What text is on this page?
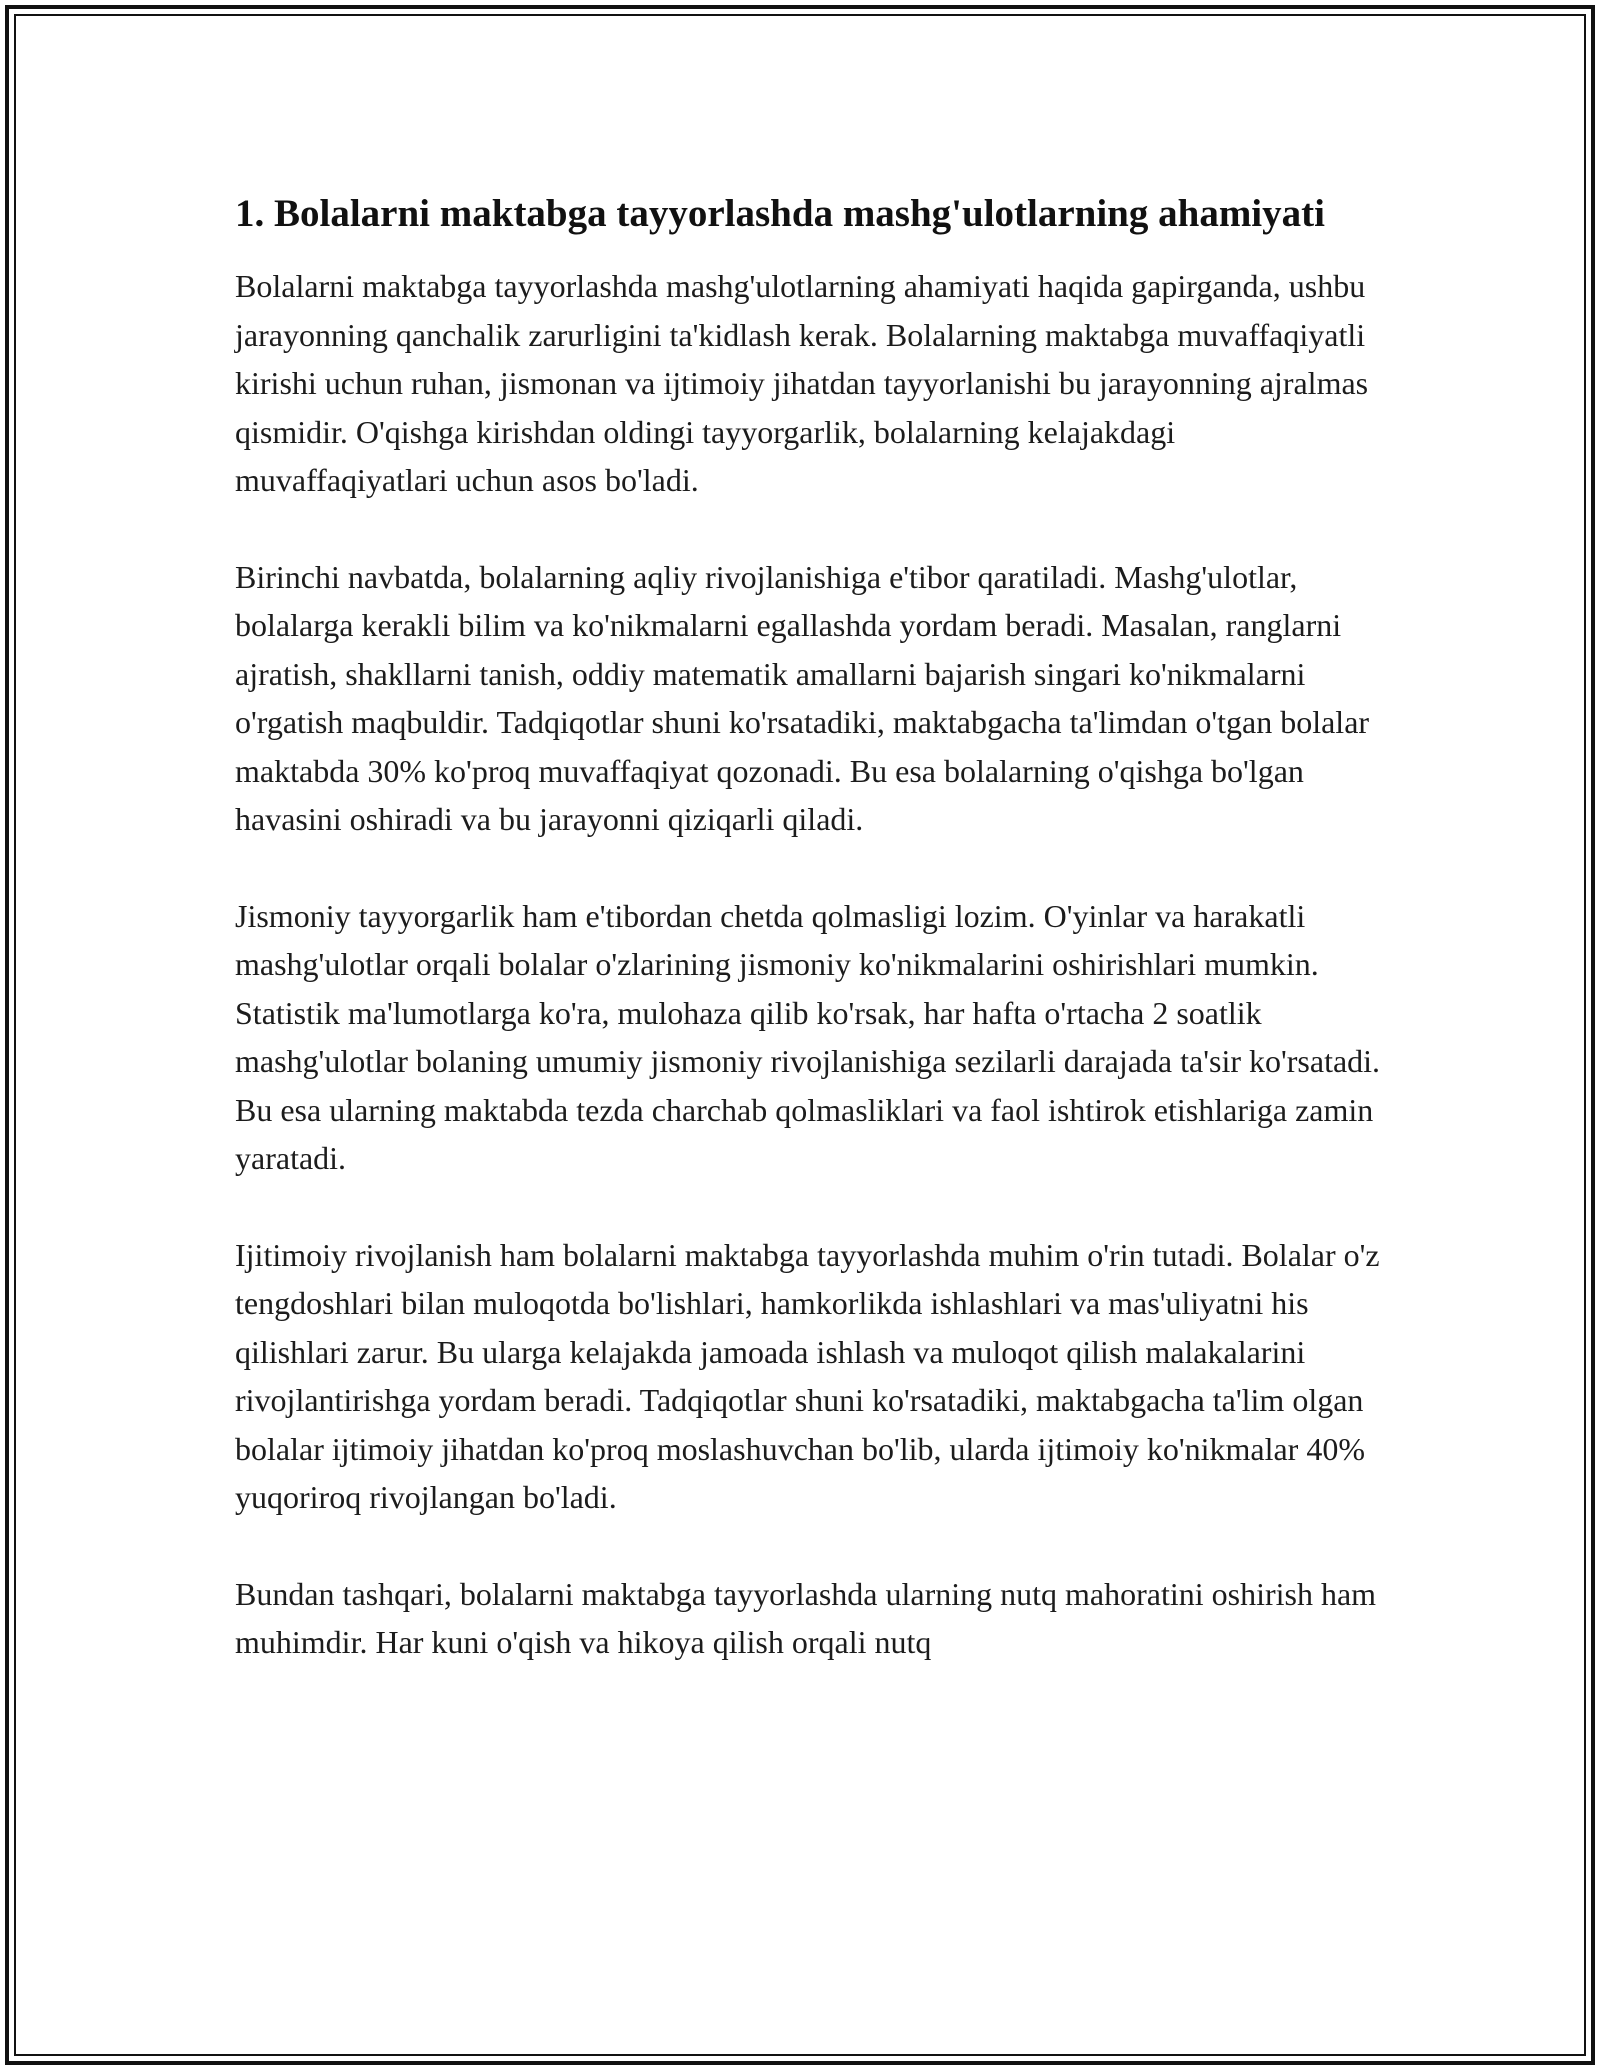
1. Bolalarni maktabga tayyorlashda mashg'ulotlarning ahamiyati

Bolalarni maktabga tayyorlashda mashg'ulotlarning ahamiyati haqida gapirganda, ushbu jarayonning qanchalik zarurligini ta'kidlash kerak. Bolalarning maktabga muvaffaqiyatli kirishi uchun ruhan, jismonan va ijtimoiy jihatdan tayyorlanishi bu jarayonning ajralmas qismidir. O'qishga kirishdan oldingi tayyorgarlik, bolalarning kelajakdagi muvaffaqiyatlari uchun asos bo'ladi.

Birinchi navbatda, bolalarning aqliy rivojlanishiga e'tibor qaratiladi. Mashg'ulotlar, bolalarga kerakli bilim va ko'nikmalarni egallashda yordam beradi. Masalan, ranglarni ajratish, shakllarni tanish, oddiy matematik amallarni bajarish singari ko'nikmalarni o'rgatish maqbuldir. Tadqiqotlar shuni ko'rsatadiki, maktabgacha ta'limdan o'tgan bolalar maktabda 30% ko'proq muvaffaqiyat qozonadi. Bu esa bolalarning o'qishga bo'lgan havasini oshiradi va bu jarayonni qiziqarli qiladi.

Jismoniy tayyorgarlik ham e'tibordan chetda qolmasligi lozim. O'yinlar va harakatli mashg'ulotlar orqali bolalar o'zlarining jismoniy ko'nikmalarini oshirishlari mumkin. Statistik ma'lumotlarga ko'ra, mulohaza qilib ko'rsak, har hafta o'rtacha 2 soatlik mashg'ulotlar bolaning umumiy jismoniy rivojlanishiga sezilarli darajada ta'sir ko'rsatadi. Bu esa ularning maktabda tezda charchab qolmasliklari va faol ishtirok etishlariga zamin yaratadi.

Ijitimoiy rivojlanish ham bolalarni maktabga tayyorlashda muhim o'rin tutadi. Bolalar o'z tengdoshlari bilan muloqotda bo'lishlari, hamkorlikda ishlashlari va mas'uliyatni his qilishlari zarur. Bu ularga kelajakda jamoada ishlash va muloqot qilish malakalarini rivojlantirishga yordam beradi. Tadqiqotlar shuni ko'rsatadiki, maktabgacha ta'lim olgan bolalar ijtimoiy jihatdan ko'proq moslashuvchan bo'lib, ularda ijtimoiy ko'nikmalar 40% yuqoriroq rivojlangan bo'ladi.

Bundan tashqari, bolalarni maktabga tayyorlashda ularning nutq mahoratini oshirish ham muhimdir. Har kuni o'qish va hikoya qilish orqali nutq
